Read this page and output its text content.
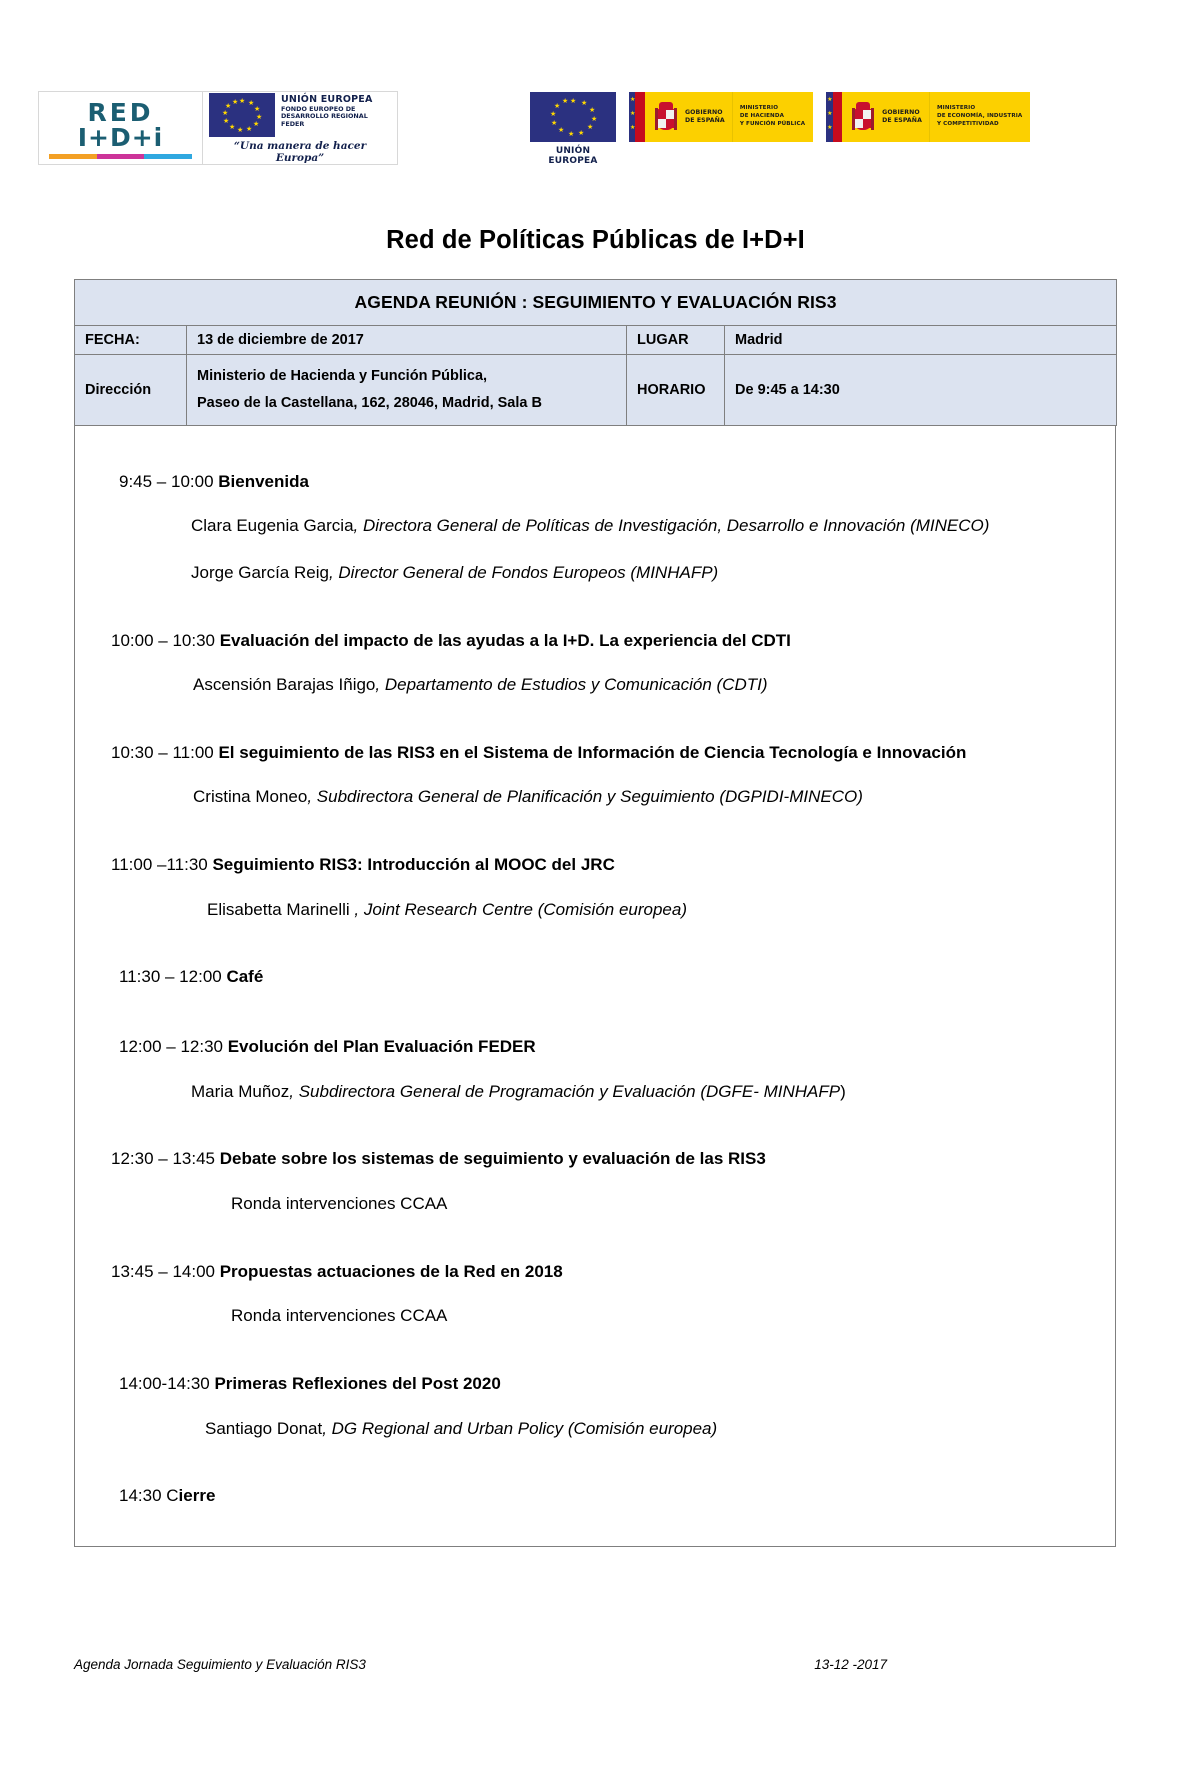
RED
I+D+i
★ ★
★
★
★
★
★
★
★
★
★
★	UNIÓN EUROPEA
FONDO EUROPEO DE
DESARROLLO REGIONAL
FEDER
“Una manera de hacer Europa”
★ ★
★
★
★
★
★
★
★
★
★
★
UNIÓN EUROPEA
★
★
★
GOBIERNO
DE ESPAÑA
MINISTERIO
DE HACIENDA
Y FUNCIÓN PÚBLICA
★
★
★
GOBIERNO
DE ESPAÑA
MINISTERIO
DE ECONOMÍA, INDUSTRIA
Y COMPETITIVIDAD
Red de Políticas Públicas de I+D+I
AGENDA REUNIÓN : SEGUIMIENTO Y EVALUACIÓN RIS3			
FECHA:	13 de diciembre de 2017	LUGAR	Madrid
Dirección	Ministerio de Hacienda y Función Pública,
Paseo de la Castellana, 162, 28046, Madrid, Sala B	HORARIO	De 9:45 a 14:30
9:45 – 10:00 Bienvenida
Clara Eugenia Garcia, Directora General de Políticas de Investigación, Desarrollo e Innovación (MINECO)
Jorge García Reig, Director General de Fondos Europeos (MINHAFP)
10:00 – 10:30 Evaluación del impacto de las ayudas a la I+D. La experiencia del CDTI
Ascensión Barajas Iñigo, Departamento de Estudios y Comunicación (CDTI)
10:30 – 11:00 El seguimiento de las RIS3 en el Sistema de Información de Ciencia Tecnología e Innovación
Cristina Moneo, Subdirectora General de Planificación y Seguimiento (DGPIDI-MINECO)
11:00 –11:30 Seguimiento RIS3: Introducción al MOOC del JRC
Elisabetta Marinelli , Joint Research Centre (Comisión europea)
11:30 – 12:00 Café
12:00 – 12:30 Evolución del Plan Evaluación FEDER
Maria Muñoz, Subdirectora General de Programación y Evaluación (DGFE- MINHAFP)
12:30 – 13:45 Debate sobre los sistemas de seguimiento y evaluación de las RIS3
Ronda intervenciones CCAA
13:45 – 14:00 Propuestas actuaciones de la Red en 2018
Ronda intervenciones CCAA
14:00-14:30 Primeras Reflexiones del Post 2020
Santiago Donat, DG Regional and Urban Policy (Comisión europea)
14:30 Cierre
Agenda Jornada Seguimiento y Evaluación RIS3	13-12 -2017
